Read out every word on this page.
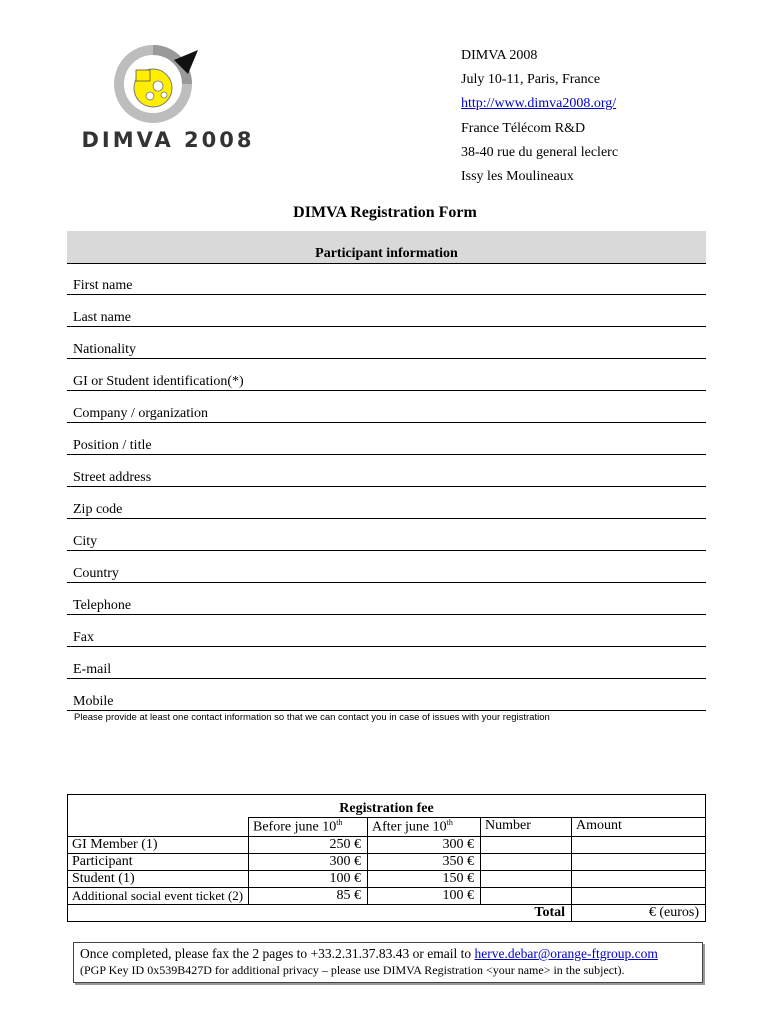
DIMVA 2008
DIMVA 2008
July 10-11, Paris, France
http://www.dimva2008.org/
France Télécom R&D
38-40 rue du general leclerc
Issy les Moulineaux
DIMVA Registration Form
Participant information
First name
Last name
Nationality
GI or Student identification(*)
Company / organization
Position / title
Street address
Zip code
City
Country
Telephone
Fax
E-mail
Mobile
Please provide at least one contact information so that we can contact you in case of issues with your registration
Registration fee				
	Before june 10th	After june 10th	Number	Amount
GI Member (1)	250 €	300 €		
Participant	300 €	350 €		
Student (1)	100 €	150 €		
Additional social event ticket (2)	85 €	100 €		
			Total	€ (euros)
Once completed, please fax the 2 pages to +33.2.31.37.83.43 or email to herve.debar@orange-ftgroup.com
(PGP Key ID 0x539B427D for additional privacy – please use DIMVA Registration <your name> in the subject).
